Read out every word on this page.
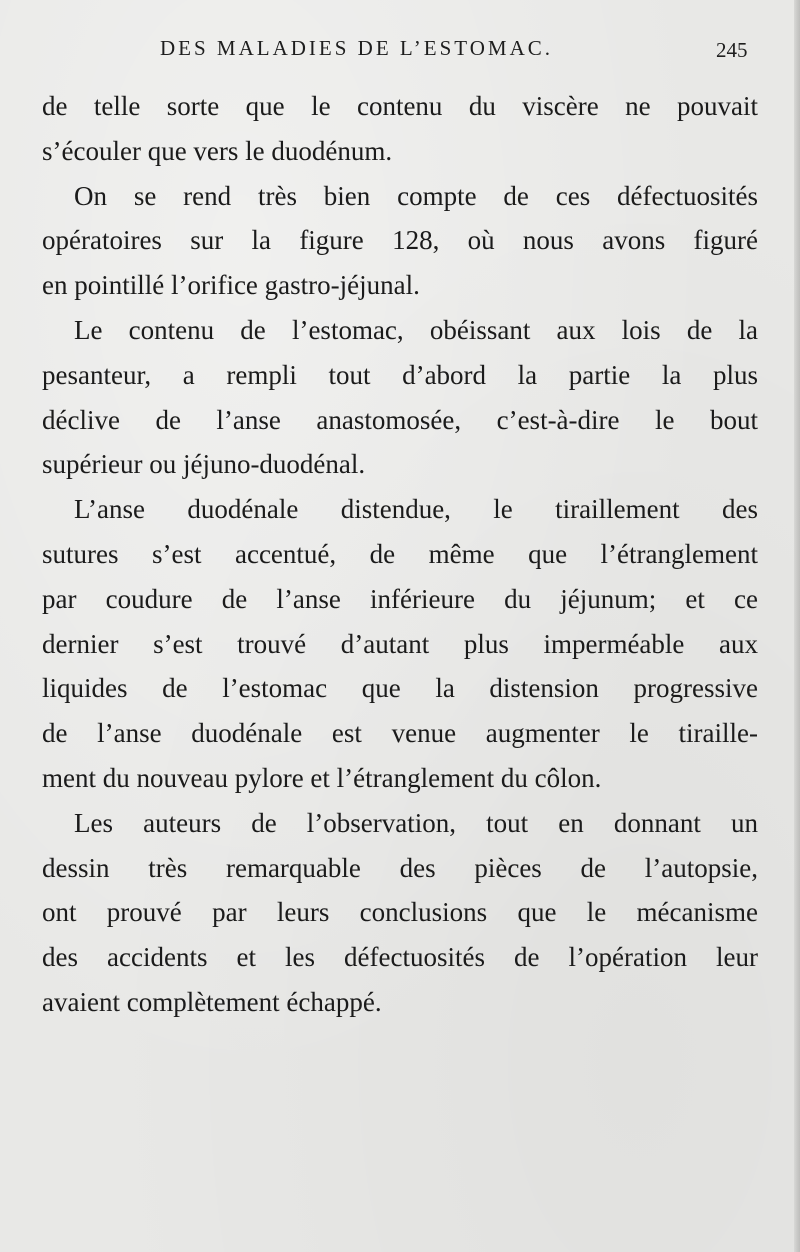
DES MALADIES DE L’ESTOMAC.	245
de telle sorte que le contenu du viscère ne pouvait
s’écouler que vers le duodénum.
On se rend très bien compte de ces défectuosités
opératoires sur la figure 128, où nous avons figuré
en pointillé l’orifice gastro-jéjunal.
Le contenu de l’estomac, obéissant aux lois de la
pesanteur, a rempli tout d’abord la partie la plus
déclive de l’anse anastomosée, c’est-à-dire le bout
supérieur ou jéjuno-duodénal.
L’anse duodénale distendue, le tiraillement des
sutures s’est accentué, de même que l’étranglement
par coudure de l’anse inférieure du jéjunum; et ce
dernier s’est trouvé d’autant plus imperméable aux
liquides de l’estomac que la distension progressive
de l’anse duodénale est venue augmenter le tiraille-
ment du nouveau pylore et l’étranglement du côlon.
Les auteurs de l’observation, tout en donnant un
dessin très remarquable des pièces de l’autopsie,
ont prouvé par leurs conclusions que le mécanisme
des accidents et les défectuosités de l’opération leur
avaient complètement échappé.
